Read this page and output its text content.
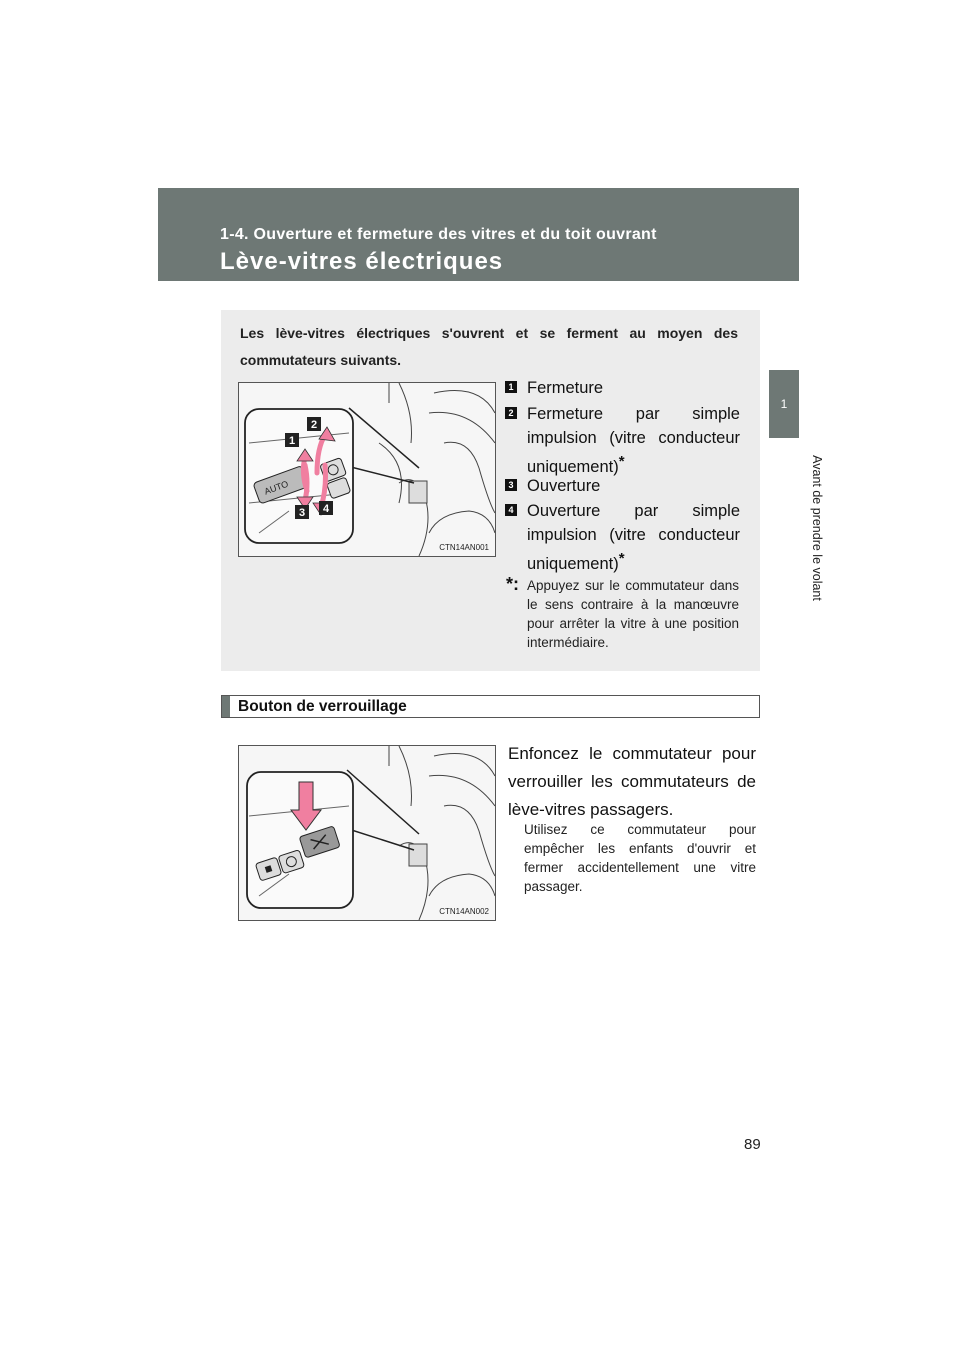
1-4. Ouverture et fermeture des vitres et du toit ouvrant
Lève-vitres électriques
1
Avant de prendre le volant
Les lève-vitres électriques s'ouvrent et se ferment au moyen des commutateurs suivants.
AUTO
1
2
3 4
CTN14AN001
1 Fermeture
2 Fermeture par simple impulsion (vitre conducteur uniquement)*
3 Ouverture
4 Ouverture par simple impulsion (vitre conducteur uniquement)*
*: Appuyez sur le commutateur dans le sens contraire à la manœuvre pour arrêter la vitre à une position intermédiaire.
Bouton de verrouillage
CTN14AN002
Enfoncez le commutateur pour verrouiller les commutateurs de lève-vitres passagers.
Utilisez ce commutateur pour empêcher les enfants d'ouvrir et fermer accidentellement une vitre passager.
89
